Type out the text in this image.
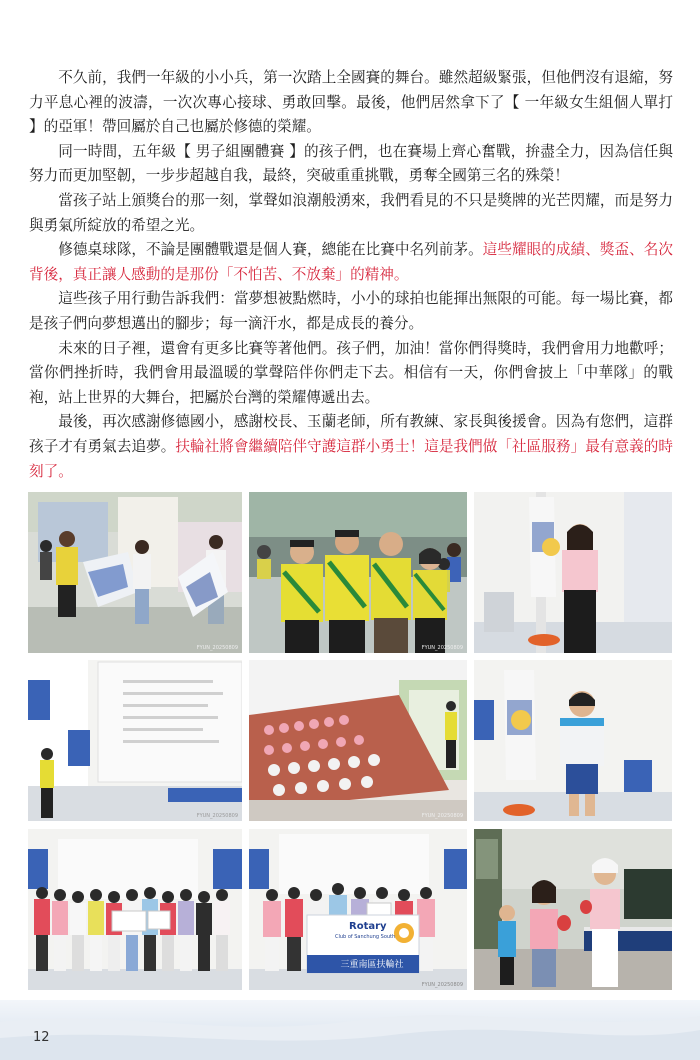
不久前，我們一年級的小小兵，第一次踏上全國賽的舞台。雖然超級緊張，但他們沒有退縮，努力平息心裡的波濤，一次次專心接球、勇敢回擊。最後，他們居然拿下了【 一年級女生組個人單打 】的亞軍！帶回屬於自己也屬於修德的榮耀。

同一時間，五年級【 男子組團體賽 】的孩子們，也在賽場上齊心奮戰，拚盡全力，因為信任與努力而更加堅韌，一步步超越自我，最終，突破重重挑戰，勇奪全國第三名的殊榮！

當孩子站上頒獎台的那一刻，掌聲如浪潮般湧來，我們看見的不只是獎牌的光芒閃耀，而是努力與勇氣所綻放的希望之光。

修德桌球隊，不論是團體戰還是個人賽，總能在比賽中名列前茅。這些耀眼的成績、獎盃、名次背後，真正讓人感動的是那份「不怕苦、不放棄」的精神。

這些孩子用行動告訴我們：當夢想被點燃時，小小的球拍也能揮出無限的可能。每一場比賽，都是孩子們向夢想邁出的腳步；每一滴汗水，都是成長的養分。

未來的日子裡，還會有更多比賽等著他們。孩子們，加油！當你們得獎時，我們會用力地歡呼；當你們挫折時，我們會用最溫暖的掌聲陪伴你們走下去。相信有一天，你們會披上「中華隊」的戰袍，站上世界的大舞台，把屬於台灣的榮耀傳遞出去。

最後，再次感謝修德國小，感謝校長、玉蘭老師，所有教練、家長與後援會。因為有您們，這群孩子才有勇氣去追夢。扶輪社將會繼續陪伴守護這群小勇士！這是我們做「社區服務」最有意義的時刻了。

FYUN_20250809	FYUN_20250809
FYUN_20250809	FYUN_20250809
Rotary
Club of Sanchung South
三重南區扶輪社
FYUN_20250809
12
